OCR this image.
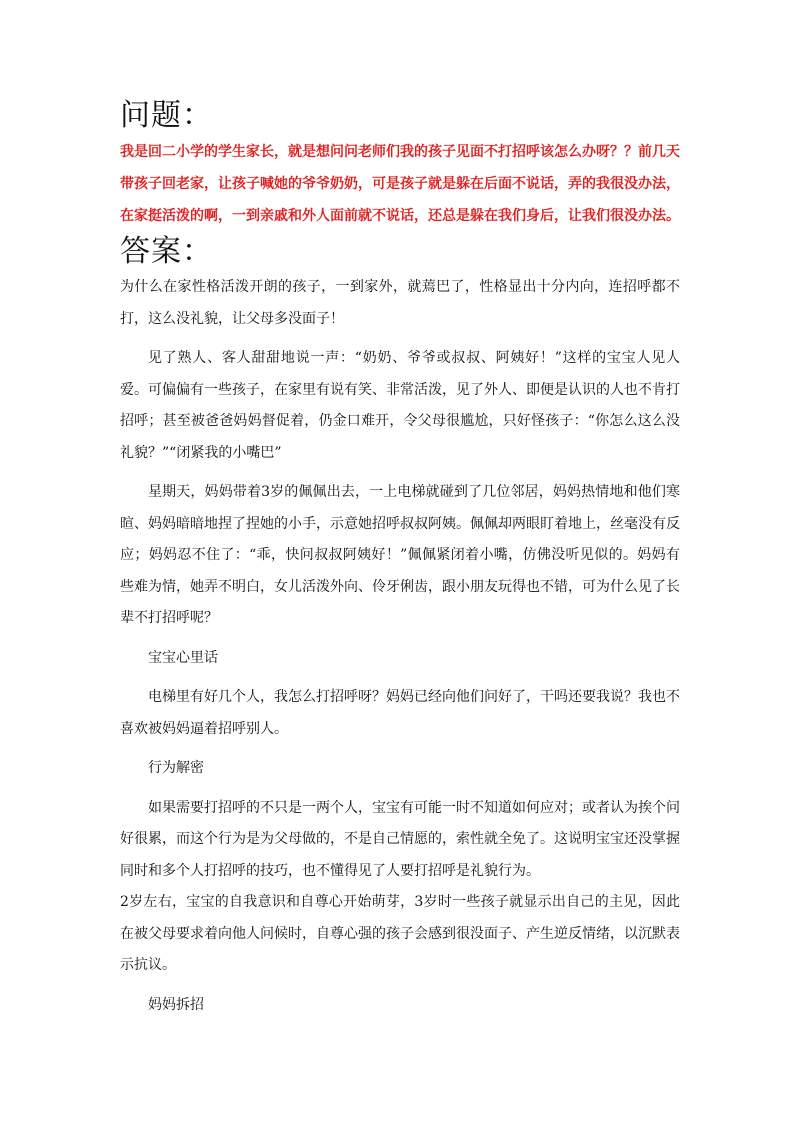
问题：

我是回二小学的学生家长，就是想问问老师们我的孩子见面不打招呼该怎么办呀？？前几天带孩子回老家，让孩子喊她的爷爷奶奶，可是孩子就是躲在后面不说话，弄的我很没办法，在家挺活泼的啊，一到亲戚和外人面前就不说话，还总是躲在我们身后，让我们很没办法。

答案：

为什么在家性格活泼开朗的孩子，一到家外，就蔫巴了，性格显出十分内向，连招呼都不打，这么没礼貌，让父母多没面子！

见了熟人、客人甜甜地说一声：“奶奶、爷爷或叔叔、阿姨好！”这样的宝宝人见人爱。可偏偏有一些孩子，在家里有说有笑、非常活泼，见了外人、即便是认识的人也不肯打招呼；甚至被爸爸妈妈督促着，仍金口难开，令父母很尴尬，只好怪孩子：“你怎么这么没礼貌？”“闭紧我的小嘴巴”

星期天，妈妈带着3岁的佩佩出去，一上电梯就碰到了几位邻居，妈妈热情地和他们寒暄、妈妈暗暗地捏了捏她的小手，示意她招呼叔叔阿姨。佩佩却两眼盯着地上，丝毫没有反应；妈妈忍不住了：“乖，快问叔叔阿姨好！”佩佩紧闭着小嘴，仿佛没听见似的。妈妈有些难为情，她弄不明白，女儿活泼外向、伶牙俐齿，跟小朋友玩得也不错，可为什么见了长辈不打招呼呢？

宝宝心里话

电梯里有好几个人，我怎么打招呼呀？妈妈已经向他们问好了，干吗还要我说？我也不喜欢被妈妈逼着招呼别人。

行为解密

如果需要打招呼的不只是一两个人，宝宝有可能一时不知道如何应对；或者认为挨个问好很累，而这个行为是为父母做的，不是自己情愿的，索性就全免了。这说明宝宝还没掌握同时和多个人打招呼的技巧，也不懂得见了人要打招呼是礼貌行为。

2岁左右，宝宝的自我意识和自尊心开始萌芽，3岁时一些孩子就显示出自己的主见，因此在被父母要求着向他人问候时，自尊心强的孩子会感到很没面子、产生逆反情绪，以沉默表示抗议。

妈妈拆招
